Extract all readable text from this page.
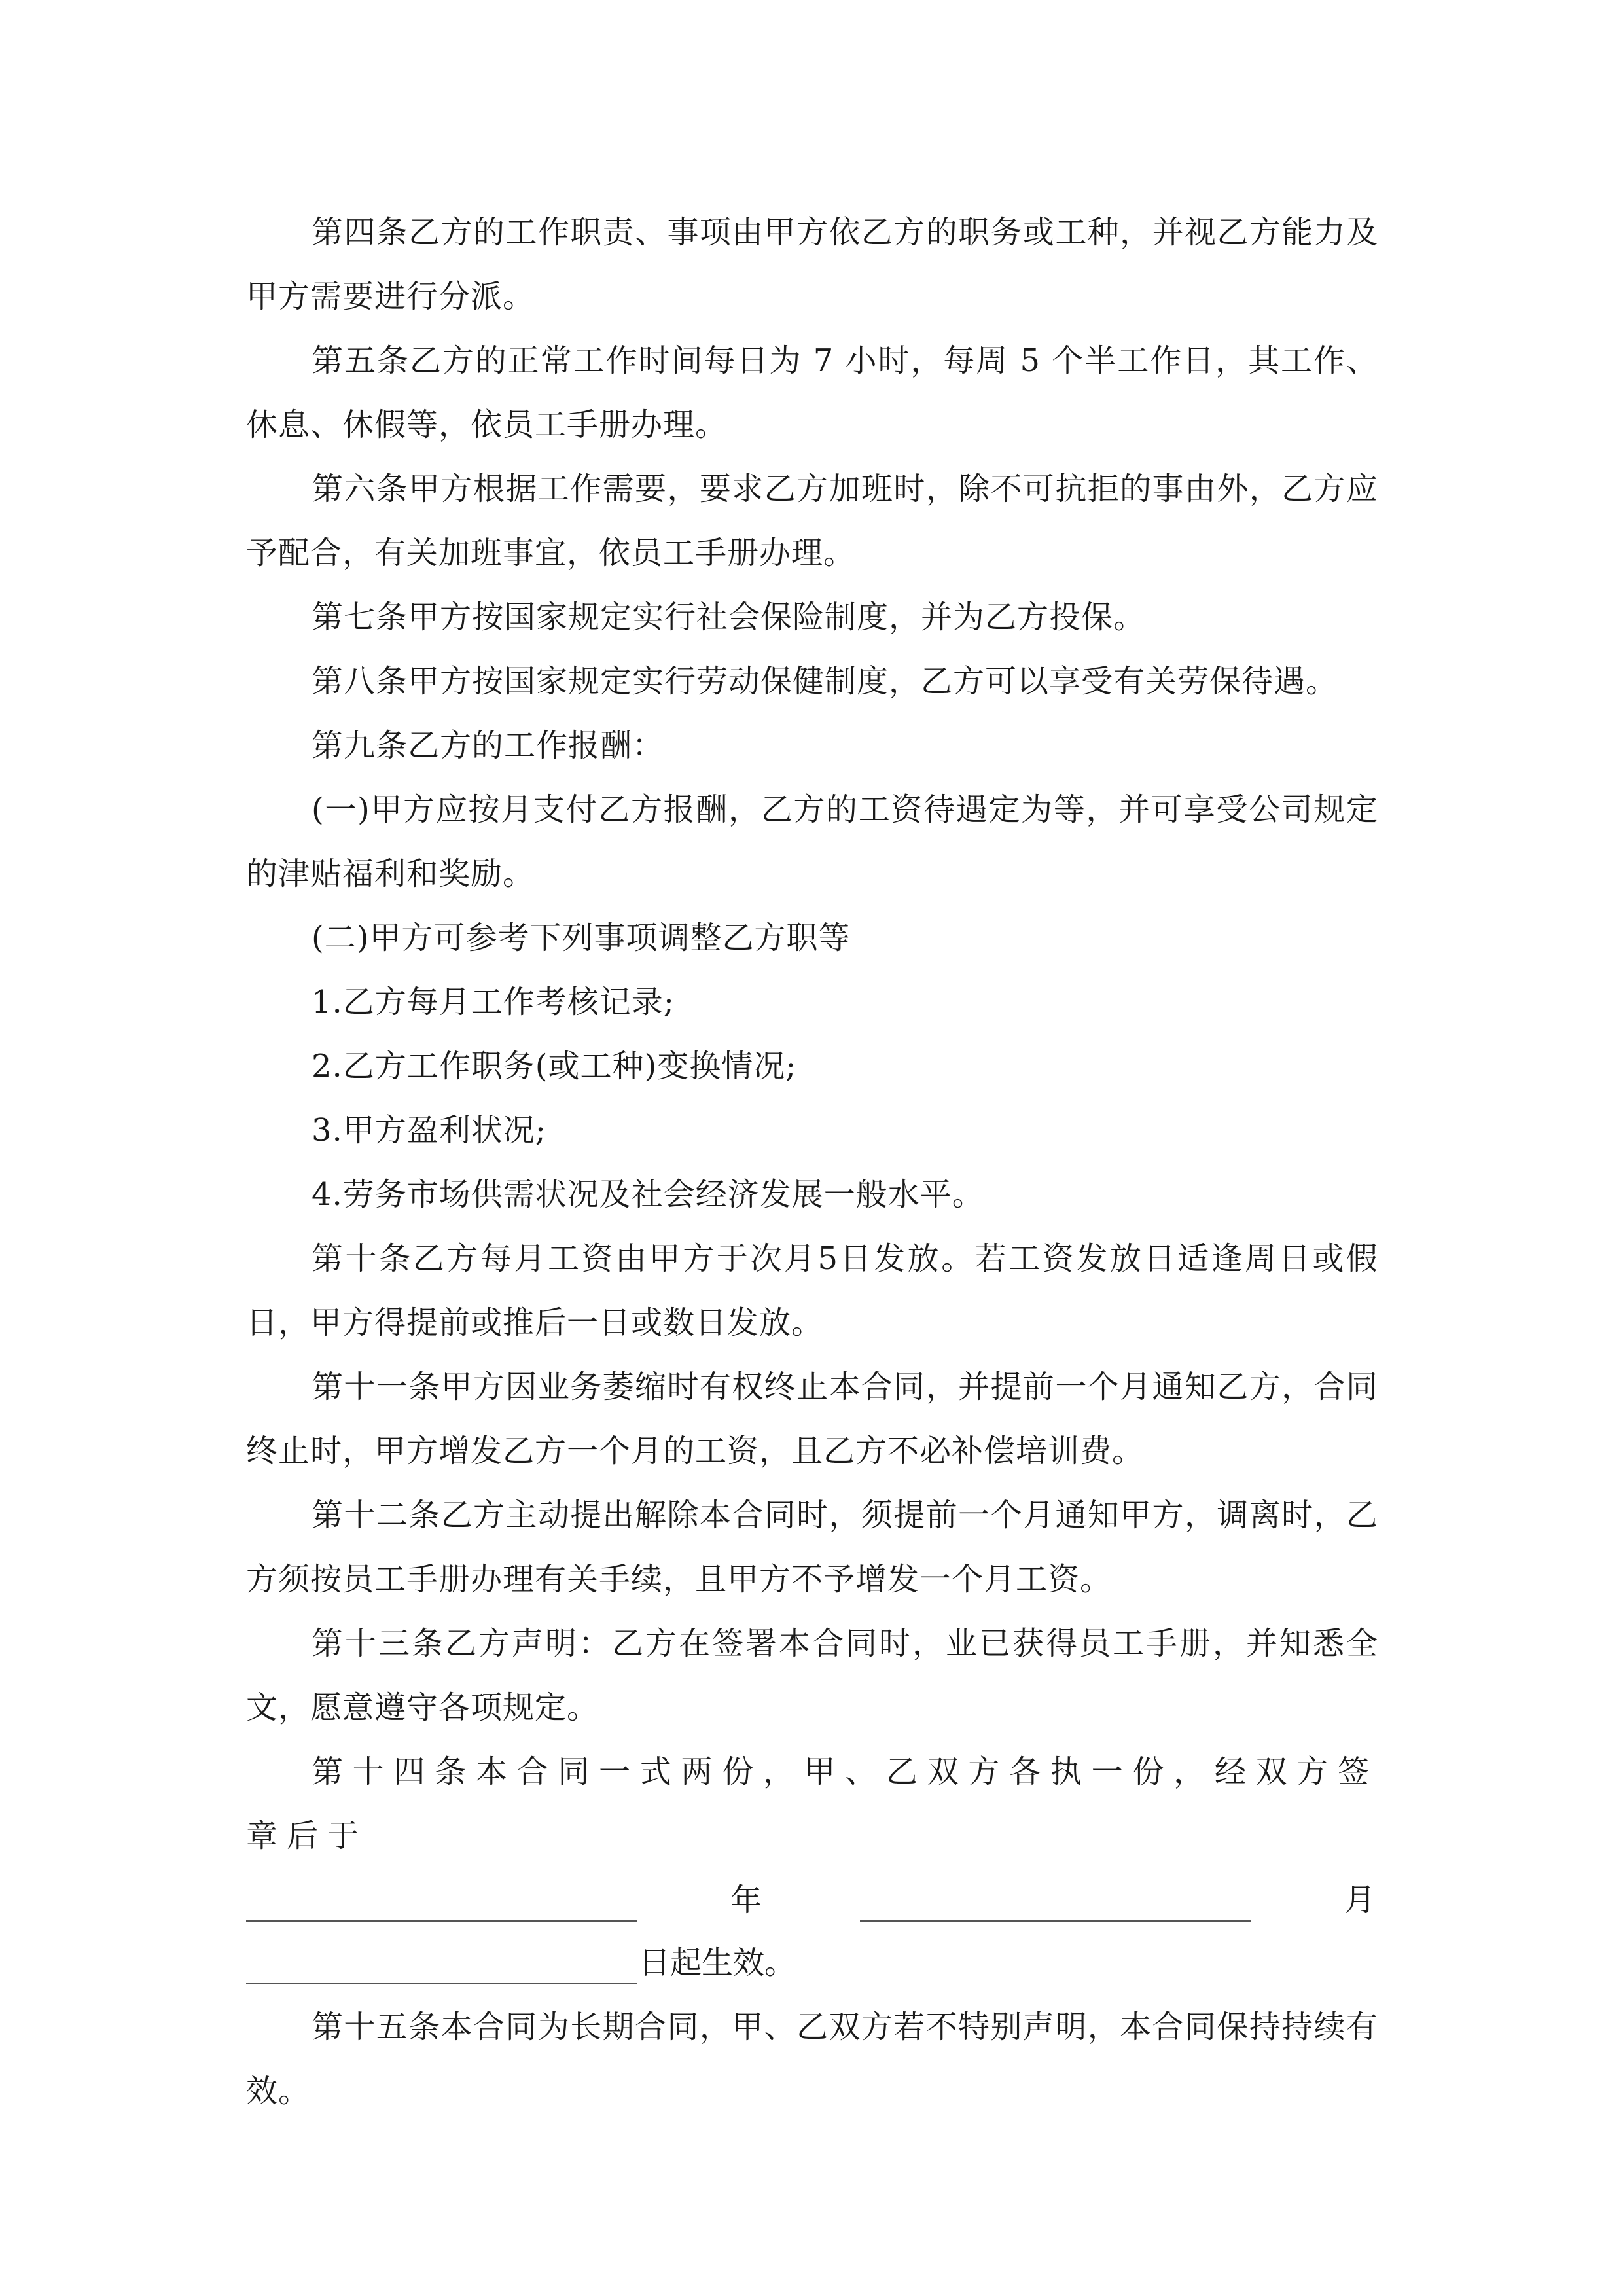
第四条乙方的工作职责、事项由甲方依乙方的职务或工种，并视乙方能力及甲方需要进行分派。

第五条乙方的正常工作时间每日为 7 小时，每周 5 个半工作日，其工作、休息、休假等，依员工手册办理。

第六条甲方根据工作需要，要求乙方加班时，除不可抗拒的事由外，乙方应予配合，有关加班事宜，依员工手册办理。

第七条甲方按国家规定实行社会保险制度，并为乙方投保。

第八条甲方按国家规定实行劳动保健制度，乙方可以享受有关劳保待遇。

第九条乙方的工作报酬：

(一)甲方应按月支付乙方报酬，乙方的工资待遇定为等，并可享受公司规定的津贴福利和奖励。

(二)甲方可参考下列事项调整乙方职等

1.乙方每月工作考核记录;

2.乙方工作职务(或工种)变换情况;

3.甲方盈利状况;

4.劳务市场供需状况及社会经济发展一般水平。

第十条乙方每月工资由甲方于次月5日发放。若工资发放日适逢周日或假日，甲方得提前或推后一日或数日发放。

第十一条甲方因业务萎缩时有权终止本合同，并提前一个月通知乙方，合同终止时，甲方增发乙方一个月的工资，且乙方不必补偿培训费。

第十二条乙方主动提出解除本合同时，须提前一个月通知甲方，调离时，乙方须按员工手册办理有关手续，且甲方不予增发一个月工资。

第十三条乙方声明：乙方在签署本合同时，业已获得员工手册，并知悉全文，愿意遵守各项规定。

第十四条本合同一式两份，甲、乙双方各执一份，经双方签章后于

年	月
日起生效。

第十五条本合同为长期合同，甲、乙双方若不特别声明，本合同保持持续有效。
